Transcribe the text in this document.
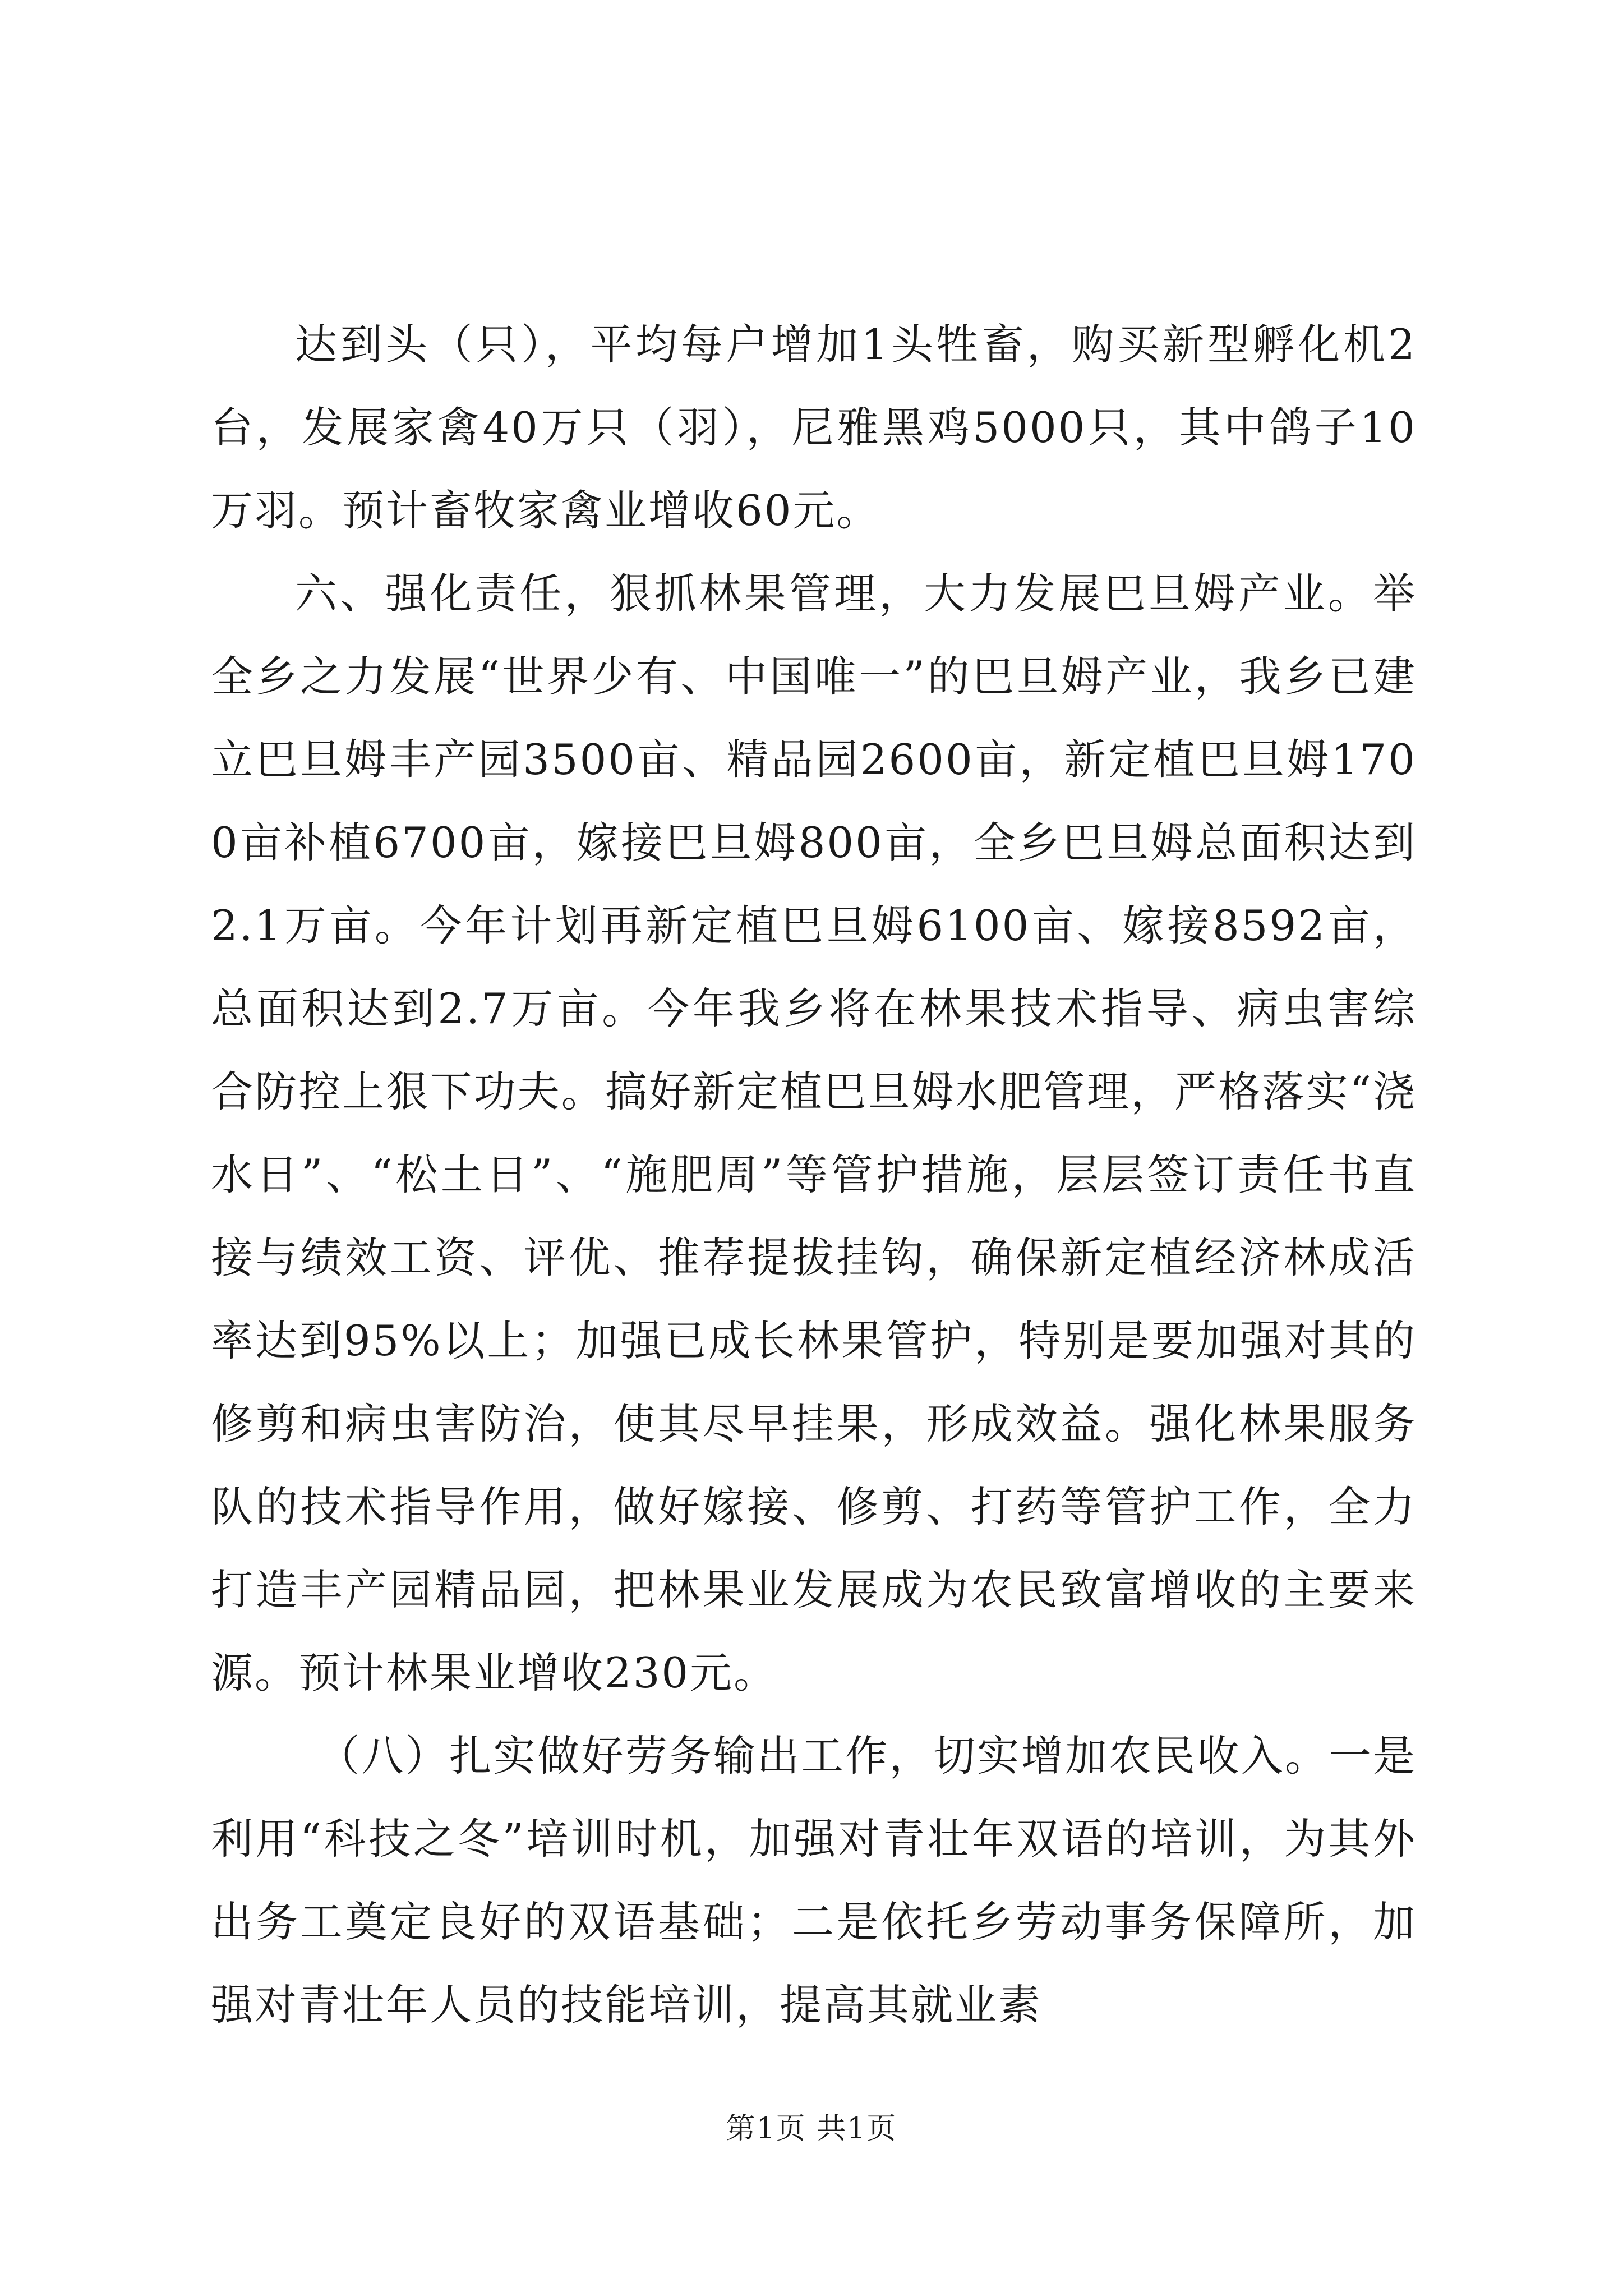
达到头（只），平均每户增加1头牲畜，购买新型孵化机2台，发展家禽40万只（羽），尼雅黑鸡5000只，其中鸽子10万羽。预计畜牧家禽业增收60元。

六、强化责任，狠抓林果管理，大力发展巴旦姆产业。举全乡之力发展“世界少有、中国唯一”的巴旦姆产业，我乡已建立巴旦姆丰产园3500亩、精品园2600亩，新定植巴旦姆1700亩补植6700亩，嫁接巴旦姆800亩，全乡巴旦姆总面积达到2.1万亩。今年计划再新定植巴旦姆6100亩、嫁接8592亩，总面积达到2.7万亩。今年我乡将在林果技术指导、病虫害综合防控上狠下功夫。搞好新定植巴旦姆水肥管理，严格落实“浇水日”、“松土日”、“施肥周”等管护措施，层层签订责任书直接与绩效工资、评优、推荐提拔挂钩，确保新定植经济林成活率达到95%以上；加强已成长林果管护，特别是要加强对其的修剪和病虫害防治，使其尽早挂果，形成效益。强化林果服务队的技术指导作用，做好嫁接、修剪、打药等管护工作，全力打造丰产园精品园，把林果业发展成为农民致富增收的主要来源。预计林果业增收230元。

（八）扎实做好劳务输出工作，切实增加农民收入。一是利用“科技之冬”培训时机，加强对青壮年双语的培训，为其外出务工奠定良好的双语基础；二是依托乡劳动事务保障所，加强对青壮年人员的技能培训，提高其就业素

第1页 共1页
